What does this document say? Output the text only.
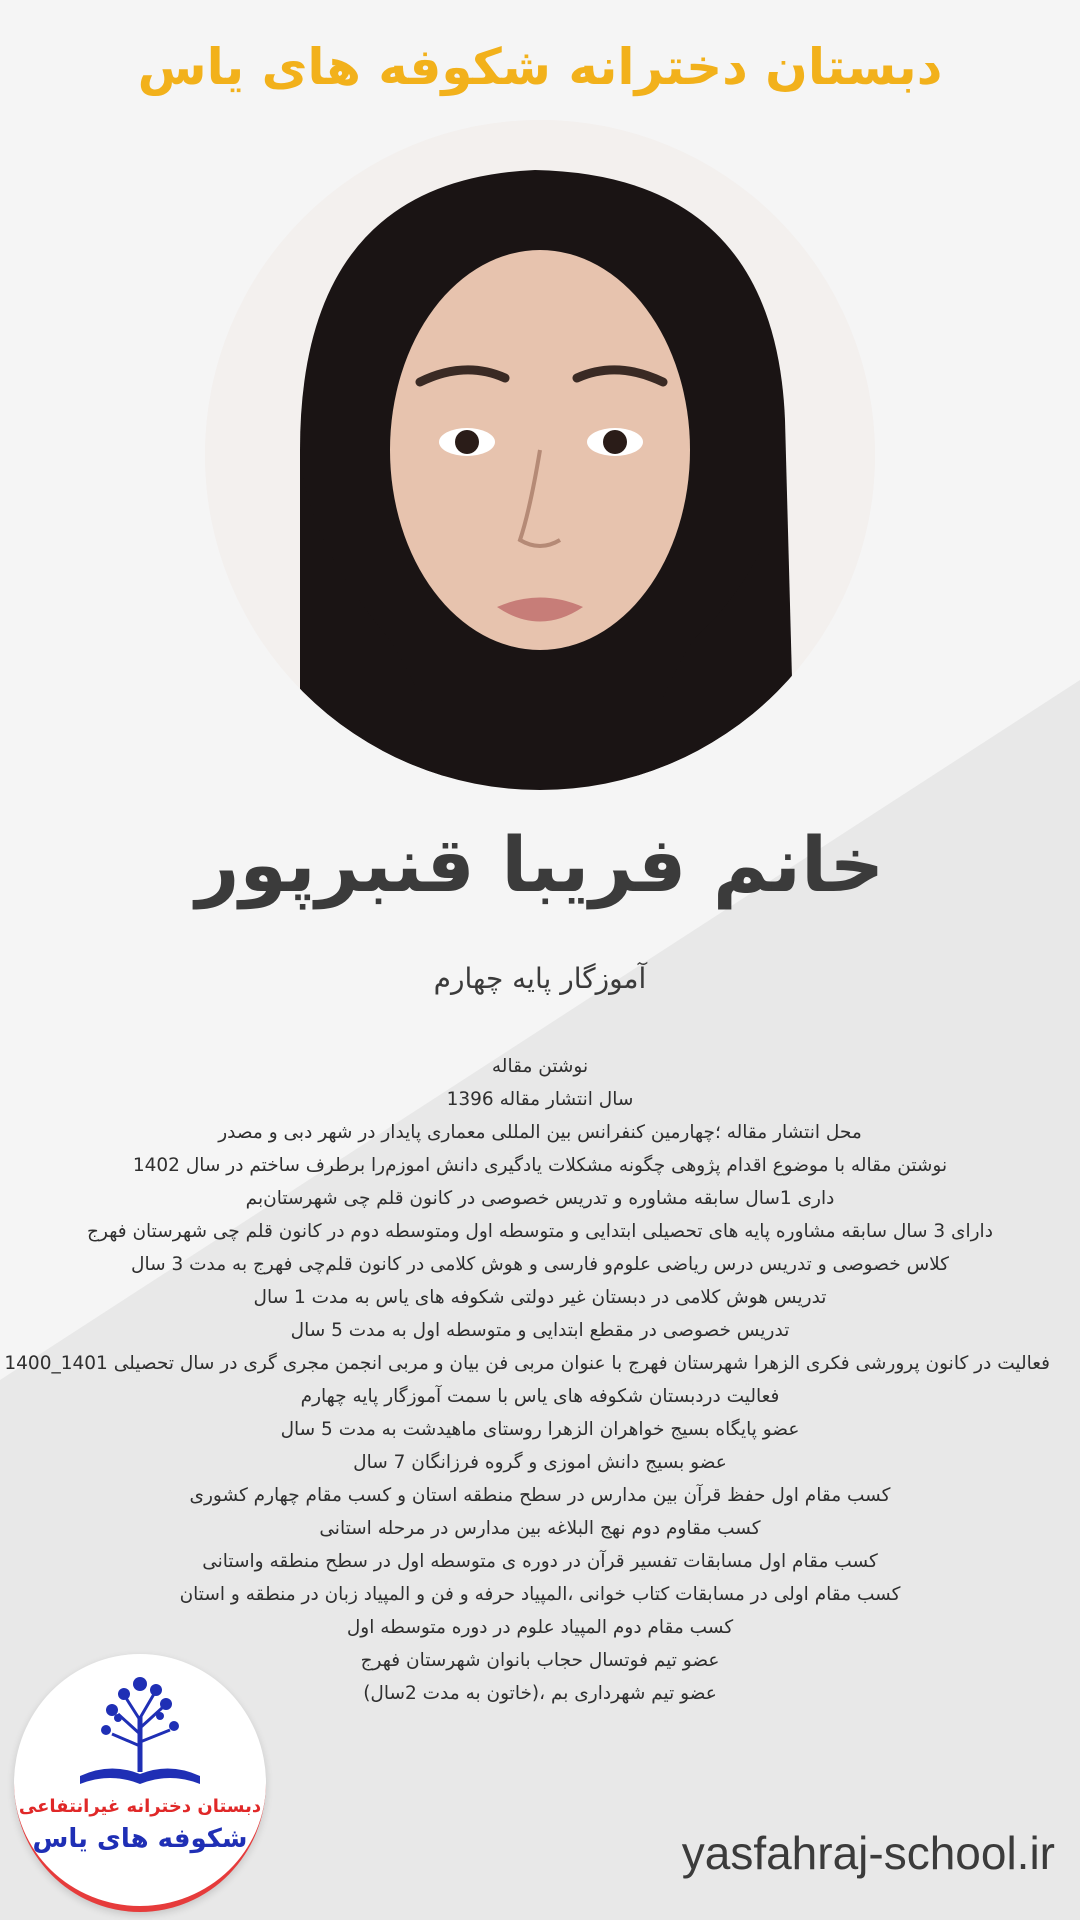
دبستان دخترانه شکوفه های یاس
خانم فریبا قنبرپور
آموزگار پایه چهارم
نوشتن مقاله
سال انتشار مقاله 1396
محل انتشار مقاله ؛چهارمین کنفرانس بین المللی معماری پایدار در شهر دبی و مصدر
نوشتن مقاله با موضوع اقدام پژوهی چگونه مشکلات یادگیری دانش اموزم‌را برطرف ساختم در سال 1402
داری 1سال سابقه مشاوره و تدریس خصوصی در کانون قلم چی شهرستان‌بم
دارای 3 سال سابقه مشاوره پایه های تحصیلی ابتدایی و متوسطه اول ومتوسطه دوم در کانون قلم چی شهرستان فهرج
کلاس خصوصی و تدریس درس ریاضی علوم‌و فارسی و هوش کلامی در کانون قلم‌چی فهرج به مدت 3 سال
تدریس هوش کلامی در دبستان غیر دولتی شکوفه های یاس به مدت 1 سال
تدریس خصوصی در مقطع ابتدایی و متوسطه اول به مدت 5 سال
فعالیت در کانون پرورشی فکری الزهرا شهرستان فهرج با عنوان مربی فن بیان و مربی انجمن مجری گری در سال تحصیلی 1401_1400
فعالیت دردبستان شکوفه های یاس با سمت آموزگار پایه چهارم
عضو پایگاه بسیج خواهران الزهرا روستای ماهیدشت به مدت 5 سال
عضو بسیج دانش اموزی و گروه فرزانگان 7 سال
کسب مقام اول حفظ قرآن بین مدارس در سطح منطقه استان و کسب مقام چهارم کشوری
کسب مقاوم دوم نهج البلاغه بین مدارس در مرحله استانی
کسب مقام اول مسابقات تفسیر قرآن در دوره ی متوسطه اول در سطح منطقه واستانی
کسب مقام اولی در مسابقات کتاب خوانی ،المپیاد حرفه و فن و المپیاد زبان در منطقه و استان
کسب مقام دوم المپیاد علوم در دوره متوسطه اول
عضو تیم فوتسال حجاب بانوان شهرستان فهرج
عضو تیم شهرداری بم ،(خاتون به مدت 2سال)
دبستان دخترانه غیرانتفاعی
شکوفه های یاس	yasfahraj-school.ir
